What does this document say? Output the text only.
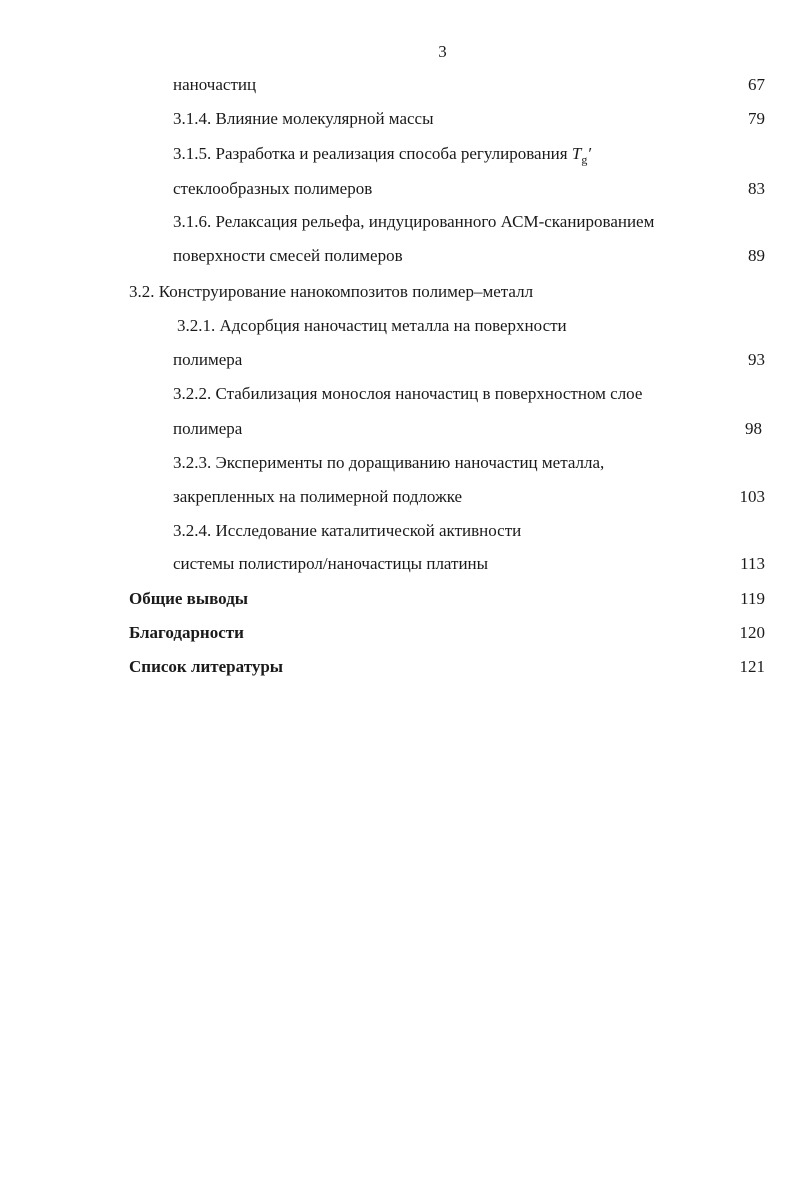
3
наночастиц	67
3.1.4. Влияние молекулярной массы	79
3.1.5. Разработка и реализация способа регулирования $T_g'$
стеклообразных полимеров	83
3.1.6. Релаксация рельефа, индуцированного АСМ-сканированием
поверхности смесей полимеров	89
3.2. Конструирование нанокомпозитов полимер–металл
3.2.1. Адсорбция наночастиц металла на поверхности
полимера	93
3.2.2. Стабилизация монослоя наночастиц в поверхностном слое
полимера	98
3.2.3. Эксперименты по доращиванию наночастиц металла,
закрепленных на полимерной подложке	103
3.2.4. Исследование каталитической активности
системы полистирол/наночастицы платины	113
Общие выводы	119
Благодарности	120
Список литературы	121
